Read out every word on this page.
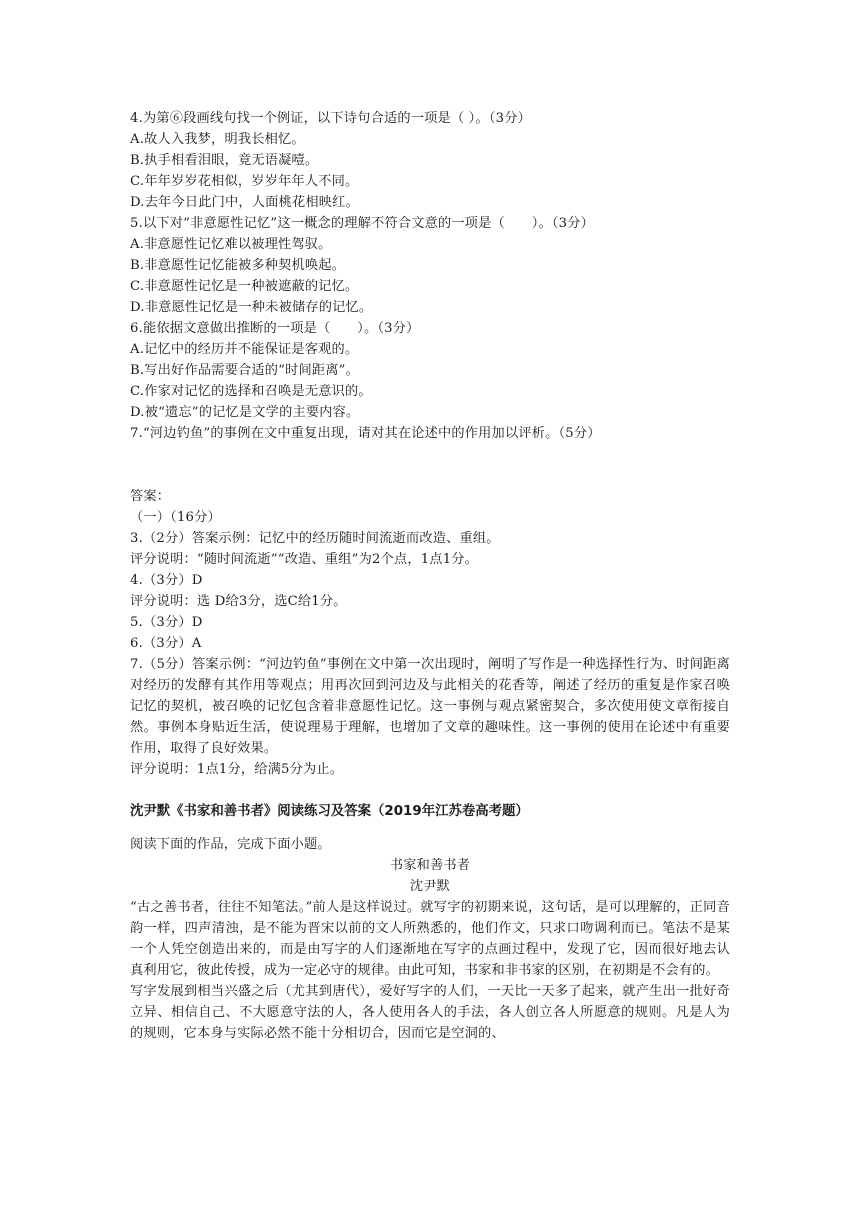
4.为第⑥段画线句找一个例证，以下诗句合适的一项是（ ）。（3分）
A.故人入我梦，明我长相忆。
B.执手相看泪眼，竟无语凝噎。
C.年年岁岁花相似，岁岁年年人不同。
D.去年今日此门中，人面桃花相映红。
5.以下对“非意愿性记忆”这一概念的理解不符合文意的一项是（　　）。（3分）
A.非意愿性记忆难以被理性驾驭。
B.非意愿性记忆能被多种契机唤起。
C.非意愿性记忆是一种被遮蔽的记忆。
D.非意愿性记忆是一种未被储存的记忆。
6.能依据文意做出推断的一项是（　　）。（3分）
A.记忆中的经历并不能保证是客观的。
B.写出好作品需要合适的“时间距离”。
C.作家对记忆的选择和召唤是无意识的。
D.被“遗忘”的记忆是文学的主要内容。
7.“河边钓鱼”的事例在文中重复出现，请对其在论述中的作用加以评析。（5分）
答案：
（一）（16分）
3.（2分）答案示例：记忆中的经历随时间流逝而改造、重组。
评分说明：“随时间流逝”“改造、重组”为2个点，1点1分。
4.（3分）D
评分说明：选 D给3分，选C给1分。
5.（3分）D
6.（3分）A
7.（5分）答案示例：“河边钓鱼”事例在文中第一次出现时，阐明了写作是一种选择性行为、时间距离对经历的发酵有其作用等观点；用再次回到河边及与此相关的花香等，阐述了经历的重复是作家召唤记忆的契机，被召唤的记忆包含着非意愿性记忆。这一事例与观点紧密契合，多次使用使文章衔接自然。事例本身贴近生活，使说理易于理解，也增加了文章的趣味性。这一事例的使用在论述中有重要作用，取得了良好效果。
评分说明：1点1分，给满5分为止。
沈尹默《书家和善书者》阅读练习及答案（2019年江苏卷高考题）
阅读下面的作品，完成下面小题。
书家和善书者
沈尹默
“古之善书者，往往不知笔法。”前人是这样说过。就写字的初期来说，这句话，是可以理解的，正同音韵一样，四声清浊，是不能为晋宋以前的文人所熟悉的，他们作文，只求口吻调利而已。笔法不是某一个人凭空创造出来的，而是由写字的人们逐渐地在写字的点画过程中，发现了它，因而很好地去认真利用它，彼此传授，成为一定必守的规律。由此可知，书家和非书家的区别，在初期是不会有的。
写字发展到相当兴盛之后（尤其到唐代），爱好写字的人们，一天比一天多了起来，就产生出一批好奇立异、相信自己、不大愿意守法的人，各人使用各人的手法，各人创立各人所愿意的规则。凡是人为的规则，它本身与实际必然不能十分相切合，因而它是空洞的、
